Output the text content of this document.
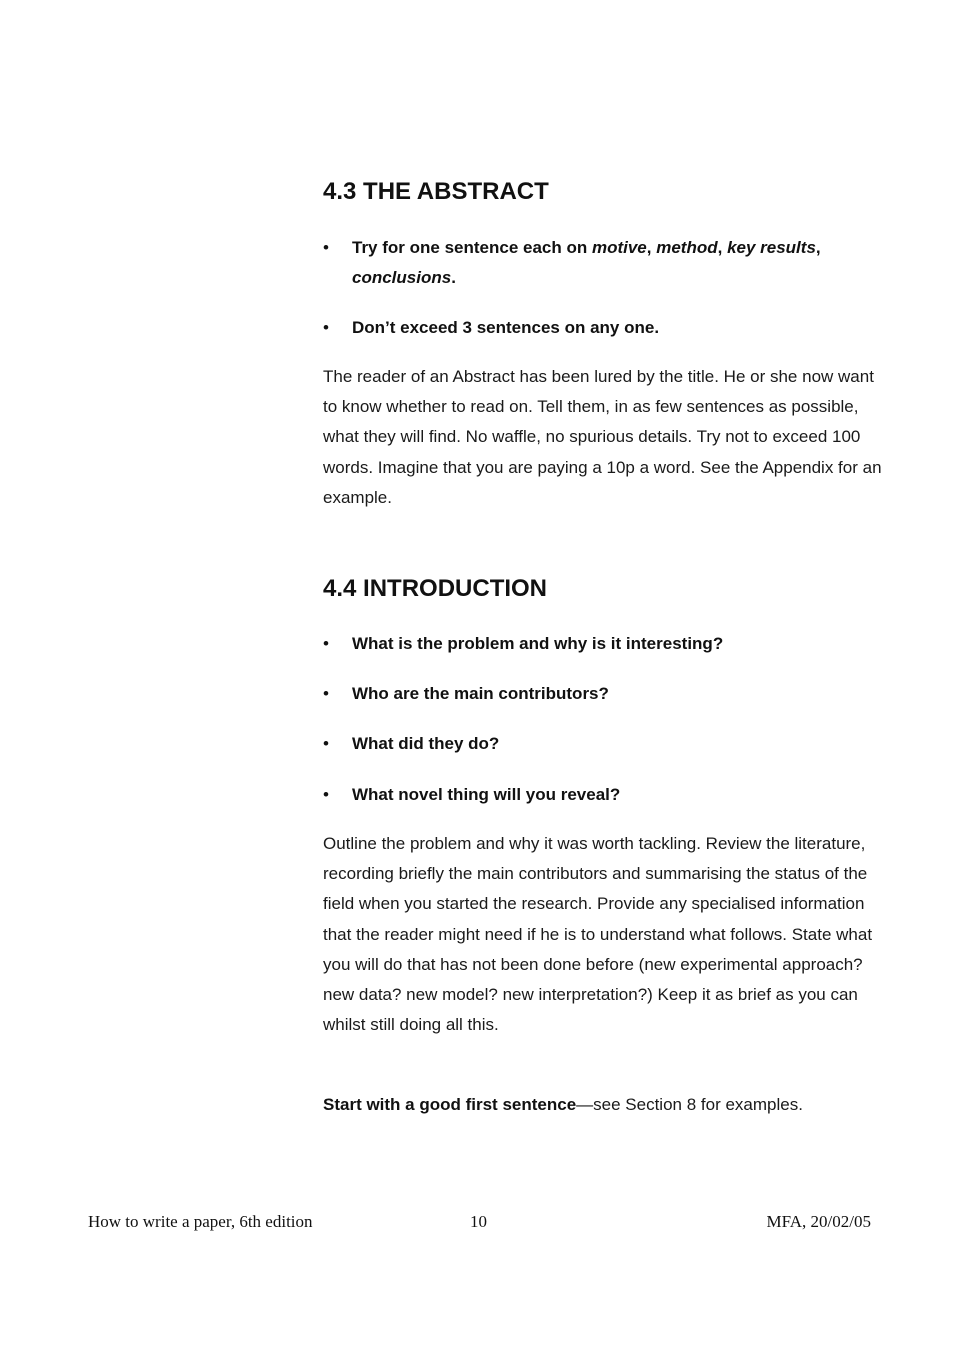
4.3 THE ABSTRACT
•	Try for one sentence each on motive, method, key results, conclusions.
•	Don’t exceed 3 sentences on any one.

The reader of an Abstract has been lured by the title. He or she now want to know whether to read on. Tell them, in as few sentences as possible, what they will find. No waffle, no spurious details. Try not to exceed 100 words. Imagine that you are paying a 10p a word. See the Appendix for an example.

4.4 INTRODUCTION
•	What is the problem and why is it interesting?
•	Who are the main contributors?
•	What did they do?
•	What novel thing will you reveal?

Outline the problem and why it was worth tackling. Review the literature, recording briefly the main contributors and summarising the status of the field when you started the research. Provide any specialised information that the reader might need if he is to understand what follows. State what you will do that has not been done before (new experimental approach? new data? new model? new interpretation?) Keep it as brief as you can whilst still doing all this.

Start with a good first sentence—see Section 8 for examples.

How to write a paper, 6th edition	10	MFA, 20/02/05
